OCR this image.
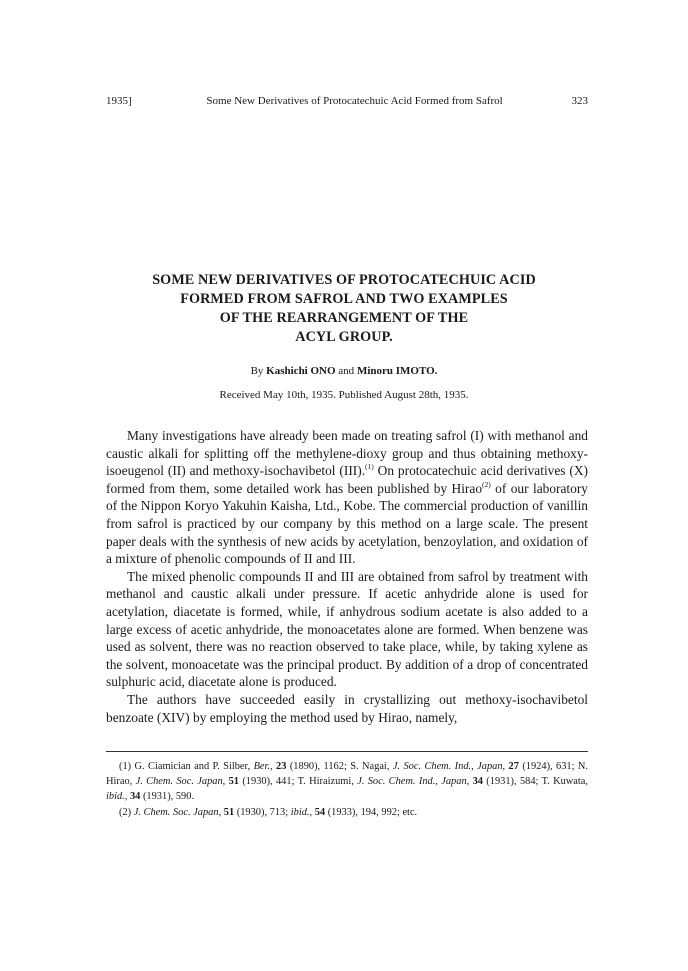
1935]	Some New Derivatives of Protocatechuic Acid Formed from Safrol	323
SOME NEW DERIVATIVES OF PROTOCATECHUIC ACID
FORMED FROM SAFROL AND TWO EXAMPLES
OF THE REARRANGEMENT OF THE
ACYL GROUP.
By Kashichi ONO and Minoru IMOTO.
Received May 10th, 1935. Published August 28th, 1935.

Many investigations have already been made on treating safrol (I) with methanol and caustic alkali for splitting off the methylene-dioxy group and thus obtaining methoxy-isoeugenol (II) and methoxy-isochavibetol (III).$^{(1)}$ On protocatechuic acid derivatives (X) formed from them, some detailed work has been published by Hirao$^{(2)}$ of our laboratory of the Nippon Koryo Yakuhin Kaisha, Ltd., Kobe. The commercial production of vanillin from safrol is practiced by our company by this method on a large scale. The present paper deals with the synthesis of new acids by acetylation, benzoylation, and oxidation of a mixture of phenolic compounds of II and III.

The mixed phenolic compounds II and III are obtained from safrol by treatment with methanol and caustic alkali under pressure. If acetic anhydride alone is used for acetylation, diacetate is formed, while, if anhydrous sodium acetate is also added to a large excess of acetic anhydride, the monoacetates alone are formed. When benzene was used as solvent, there was no reaction observed to take place, while, by taking xylene as the solvent, monoacetate was the principal product. By addition of a drop of concentrated sulphuric acid, diacetate alone is produced.

The authors have succeeded easily in crystallizing out methoxy-isochavibetol benzoate (XIV) by employing the method used by Hirao, namely,

(1) G. Ciamician and P. Silber, Ber., 23 (1890), 1162; S. Nagai, J. Soc. Chem. Ind., Japan, 27 (1924), 631; N. Hirao, J. Chem. Soc. Japan, 51 (1930), 441; T. Hiraizumi, J. Soc. Chem. Ind., Japan, 34 (1931), 584; T. Kuwata, ibid., 34 (1931), 590.

(2) J. Chem. Soc. Japan, 51 (1930), 713; ibid., 54 (1933), 194, 992; etc.
